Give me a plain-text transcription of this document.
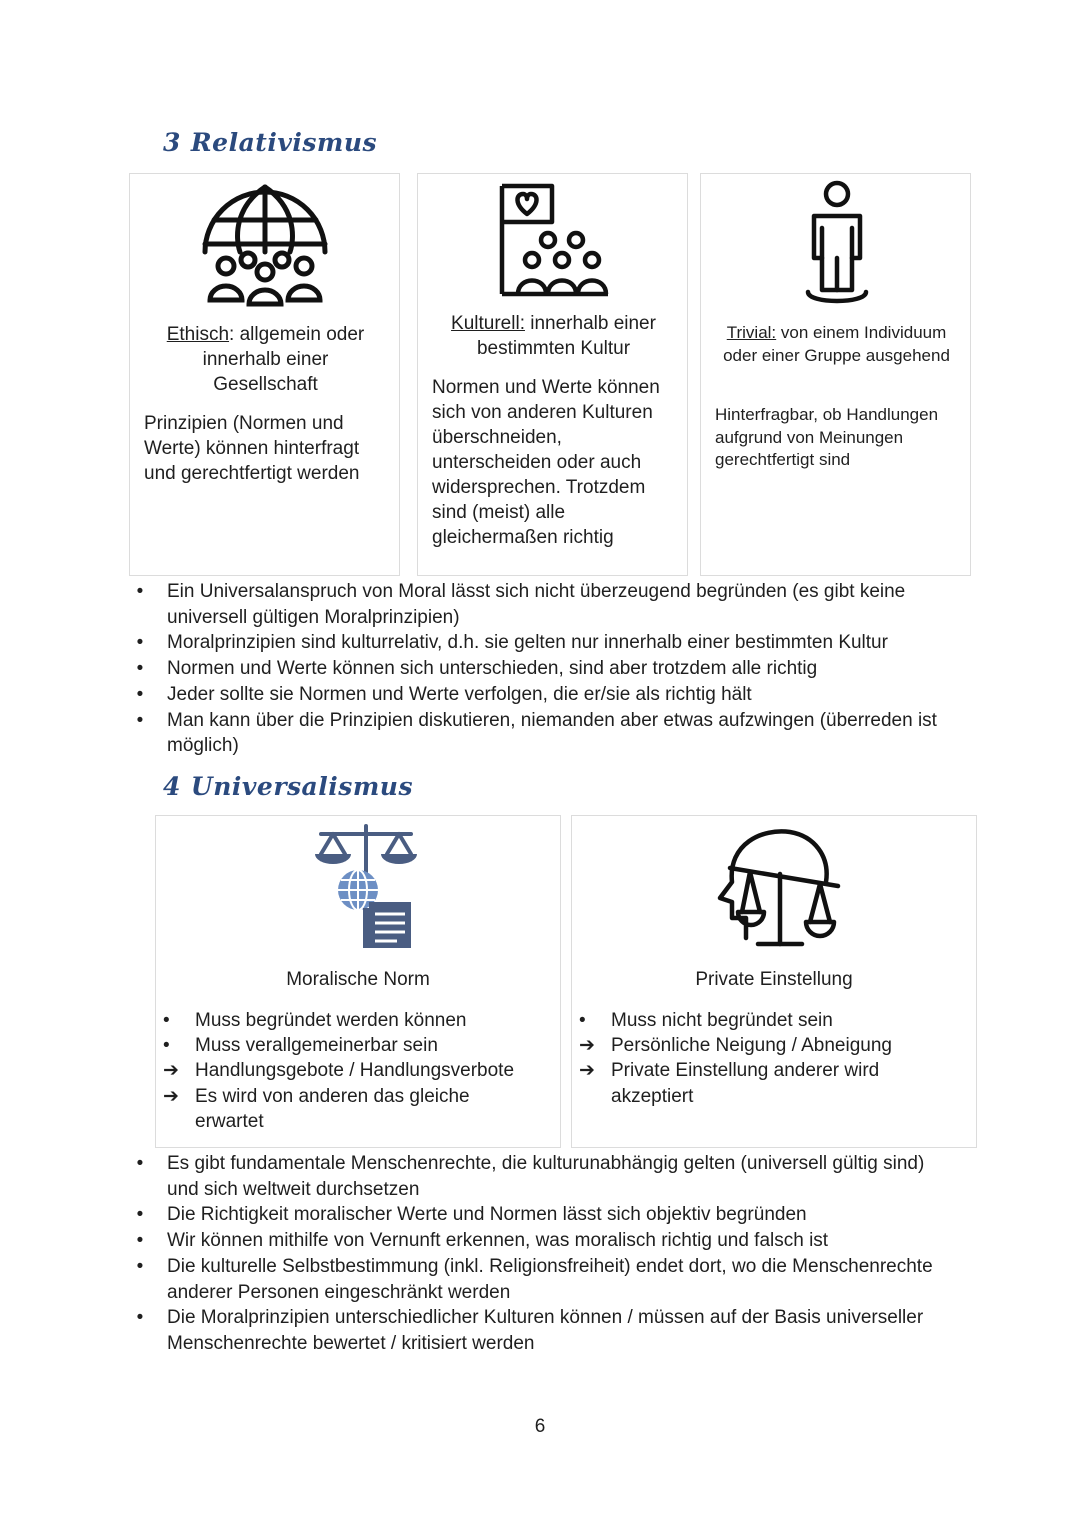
3 Relativismus
Ethisch: allgemein oder innerhalb einer Gesellschaft
Prinzipien (Normen und Werte) können hinterfragt und gerechtfertigt werden
Kulturell: innerhalb einer bestimmten Kultur
Normen und Werte können sich von anderen Kulturen überschneiden, unterscheiden oder auch widersprechen. Trotzdem sind (meist) alle gleichermaßen richtig
Trivial: von einem Individuum oder einer Gruppe ausgehend
Hinterfragbar, ob Handlungen aufgrund von Meinungen gerechtfertigt sind
• Ein Universalanspruch von Moral lässt sich nicht überzeugend begründen (es gibt keine universell gültigen Moralprinzipien)
• Moralprinzipien sind kulturrelativ, d.h. sie gelten nur innerhalb einer bestimmten Kultur
• Normen und Werte können sich unterschieden, sind aber trotzdem alle richtig
• Jeder sollte sie Normen und Werte verfolgen, die er/sie als richtig hält
• Man kann über die Prinzipien diskutieren, niemanden aber etwas aufzwingen (überreden ist möglich)
4 Universalismus
Moralische Norm
•	Muss begründet werden können
•	Muss verallgemeinerbar sein
➔ Handlungsgebote / Handlungsverbote
➔ Es wird von anderen das gleiche erwartet
Private Einstellung
•	Muss nicht begründet sein
➔ Persönliche Neigung / Abneigung
➔ Private Einstellung anderer wird akzeptiert
• Es gibt fundamentale Menschenrechte, die kulturunabhängig gelten (universell gültig sind) und sich weltweit durchsetzen
• Die Richtigkeit moralischer Werte und Normen lässt sich objektiv begründen
• Wir können mithilfe von Vernunft erkennen, was moralisch richtig und falsch ist
• Die kulturelle Selbstbestimmung (inkl. Religionsfreiheit) endet dort, wo die Menschenrechte anderer Personen eingeschränkt werden
• Die Moralprinzipien unterschiedlicher Kulturen können / müssen auf der Basis universeller Menschenrechte bewertet / kritisiert werden
6
